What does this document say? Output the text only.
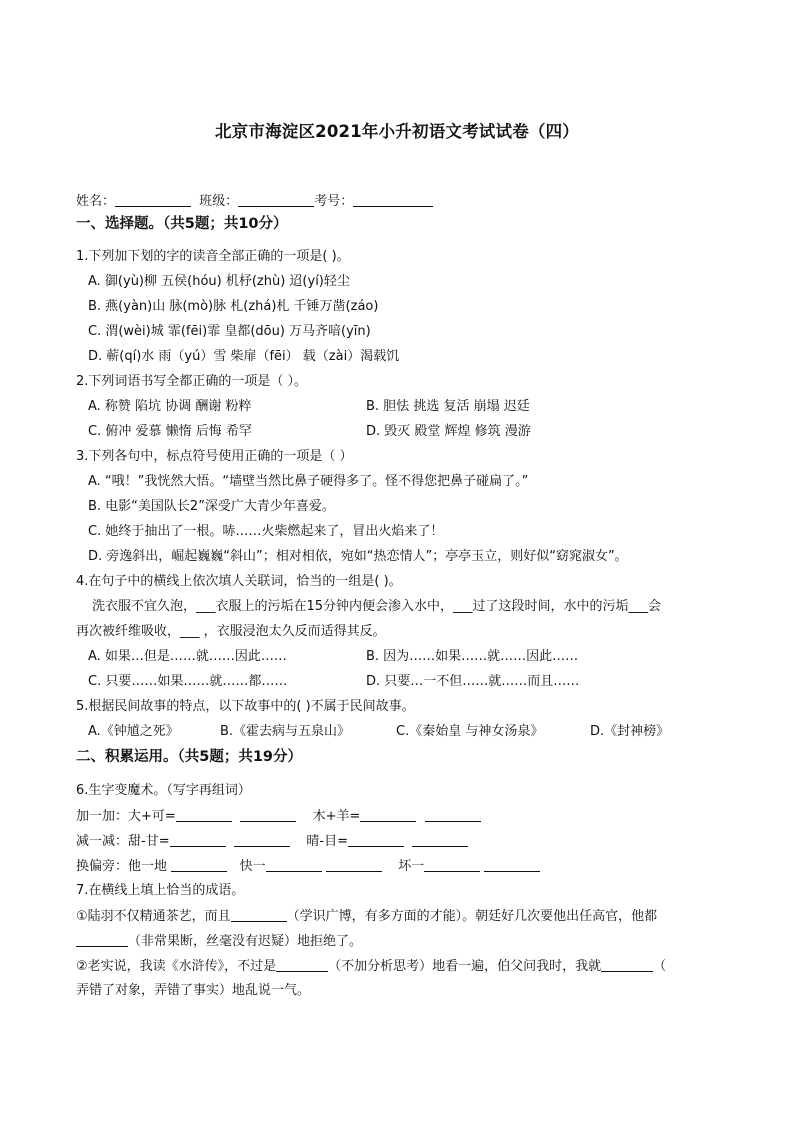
北京市海淀区2021年小升初语文考试试卷（四）
姓名：	班级：	考号：
一、选择题。（共5题；共10分）
1.下列加下划的字的读音全部正确的一项是( )。
A. 御(yù)柳 五侯(hóu) 机杼(zhù) 迢(yí)轻尘
B. 燕(yàn)山 脉(mò)脉 札(zhá)札 千锤万凿(záo)
C. 渭(wèi)城 霏(fēi)霏 皇都(dōu) 万马齐喑(yīn)
D. 蕲(qí)水 雨（yú）雪 柴扉（fēi） 载（zài）渴载饥
2.下列词语书写全都正确的一项是（ ）。
A. 称赞 陷坑 协调 酬谢 粉粹	B. 胆怯 挑选 复活 崩塌 迟廷
C. 俯冲 爱慕 懒惰 后悔 希罕	D. 毁灭 殿堂 辉煌 修筑 漫游
3.下列各句中，标点符号使用正确的一项是（ ）
A. “哦！”我恍然大悟。“墙壁当然比鼻子硬得多了。怪不得您把鼻子碰扁了。”
B. 电影“美国队长2”深受广大青少年喜爱。
C. 她终于抽出了一根。哧……火柴燃起来了，冒出火焰来了！
D. 旁逸斜出，崛起巍巍“斜山”；相对相依，宛如“热恋情人”；亭亭玉立，则好似“窈窕淑女”。
4.在句子中的横线上依次填人关联词，恰当的一组是( )。
洗衣服不宜久泡，___衣服上的污垢在15分钟内便会渗入水中，___过了这段时间，水中的污垢___会
再次被纤维吸收，___ ，衣服浸泡太久反而适得其反。
A. 如果…但是……就……因此……	B. 因为……如果……就……因此……
C. 只要……如果……就……都……	D. 只要…一不但……就……而且……
5.根据民间故事的特点，以下故事中的( )不属于民间故事。
A.《钟馗之死》	B.《霍去病与五泉山》	C.《秦始皇 与神女汤泉》	D.《封神榜》
二、积累运用。（共5题；共19分）
6.生字变魔术。（写字再组词）
加一加：大+可=	木+羊=
减一减：甜-甘=	晴-目=
换偏旁：他一地	快一	坏一
7.在横线上填上恰当的成语。
①陆羽不仅精通茶艺，而且	（学识广博，有多方面的才能）。朝廷好几次要他出任高官，他都
（非常果断，丝毫没有迟疑）地拒绝了。
②老实说，我读《水浒传》，不过是	（不加分析思考）地看一遍，伯父问我时，我就	（
弄错了对象，弄错了事实）地乱说一气。
